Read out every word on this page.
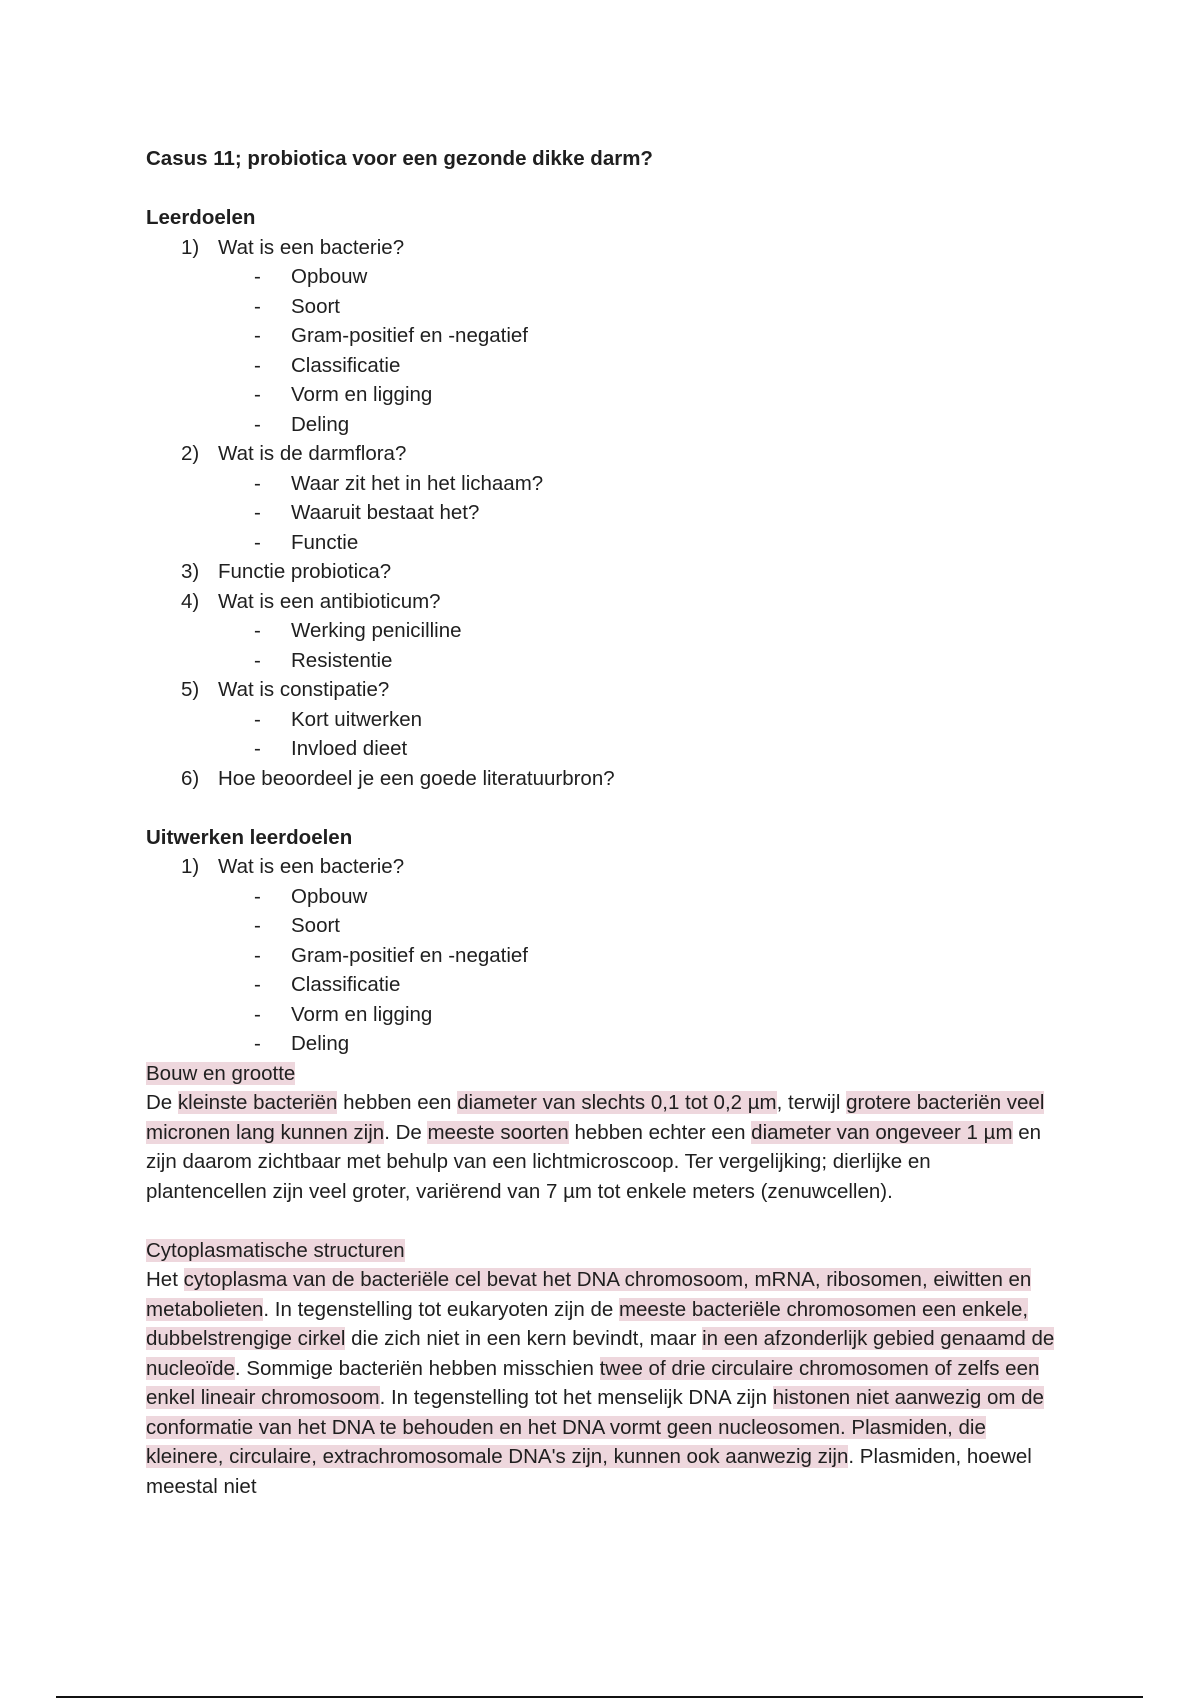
Casus 11; probiotica voor een gezonde dikke darm?

Leerdoelen

1) Wat is een bacterie?
- Opbouw
- Soort
- Gram-positief en -negatief
- Classificatie
- Vorm en ligging
- Deling
2) Wat is de darmflora?
- Waar zit het in het lichaam?
- Waaruit bestaat het?
- Functie
3) Functie probiotica?
4) Wat is een antibioticum?
- Werking penicilline
- Resistentie
5) Wat is constipatie?
- Kort uitwerken
- Invloed dieet
6) Hoe beoordeel je een goede literatuurbron?

Uitwerken leerdoelen

1) Wat is een bacterie?
- Opbouw
- Soort
- Gram-positief en -negatief
- Classificatie
- Vorm en ligging
- Deling

Bouw en grootte

De kleinste bacteriën hebben een diameter van slechts 0,1 tot 0,2 µm, terwijl grotere bacteriën veel micronen lang kunnen zijn. De meeste soorten hebben echter een diameter van ongeveer 1 µm en zijn daarom zichtbaar met behulp van een lichtmicroscoop. Ter vergelijking; dierlijke en plantencellen zijn veel groter, variërend van 7 µm tot enkele meters (zenuwcellen).

Cytoplasmatische structuren

Het cytoplasma van de bacteriële cel bevat het DNA chromosoom, mRNA, ribosomen, eiwitten en metabolieten. In tegenstelling tot eukaryoten zijn de meeste bacteriële chromosomen een enkele, dubbelstrengige cirkel die zich niet in een kern bevindt, maar in een afzonderlijk gebied genaamd de nucleoïde. Sommige bacteriën hebben misschien twee of drie circulaire chromosomen of zelfs een enkel lineair chromosoom. In tegenstelling tot het menselijk DNA zijn histonen niet aanwezig om de conformatie van het DNA te behouden en het DNA vormt geen nucleosomen. Plasmiden, die kleinere, circulaire, extrachromosomale DNA's zijn, kunnen ook aanwezig zijn. Plasmiden, hoewel meestal niet
